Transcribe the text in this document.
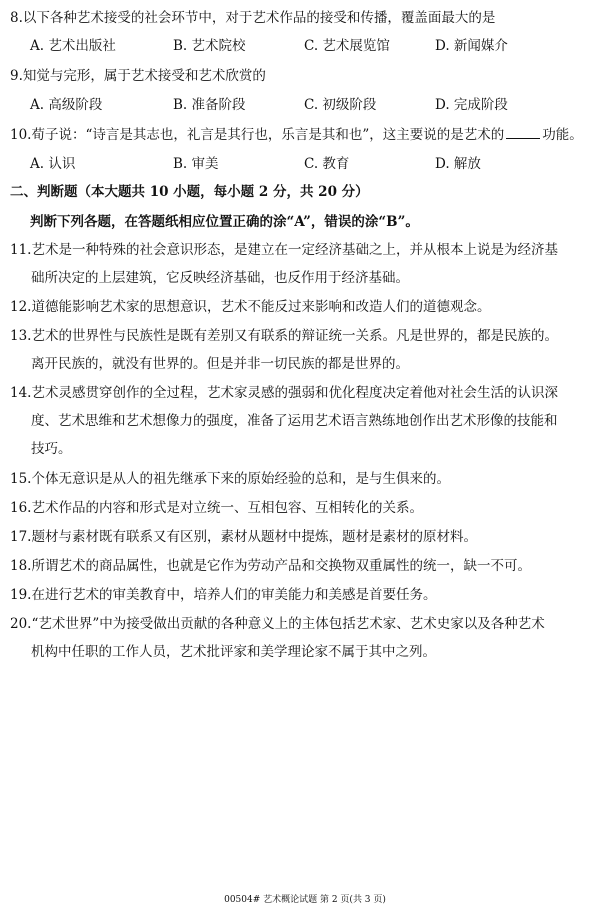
8.以下各种艺术接受的社会环节中，对于艺术作品的接受和传播，覆盖面最大的是
A. 艺术出版社	B. 艺术院校	C. 艺术展览馆	D. 新闻媒介
9.知觉与完形，属于艺术接受和艺术欣赏的
A. 高级阶段	B. 准备阶段	C. 初级阶段	D. 完成阶段
10.荀子说：“诗言是其志也，礼言是其行也，乐言是其和也”，这主要说的是艺术的	功能。
A. 认识	B. 审美	C. 教育	D. 解放
二、判断题（本大题共 10 小题，每小题 2 分，共 20 分）
判断下列各题，在答题纸相应位置正确的涂“A”，错误的涂“B”。
11.艺术是一种特殊的社会意识形态，是建立在一定经济基础之上，并从根本上说是为经济基
础所决定的上层建筑，它反映经济基础，也反作用于经济基础。
12.道德能影响艺术家的思想意识，艺术不能反过来影响和改造人们的道德观念。
13.艺术的世界性与民族性是既有差别又有联系的辩证统一关系。凡是世界的，都是民族的。
离开民族的，就没有世界的。但是并非一切民族的都是世界的。
14.艺术灵感贯穿创作的全过程，艺术家灵感的强弱和优化程度决定着他对社会生活的认识深
度、艺术思维和艺术想像力的强度，准备了运用艺术语言熟练地创作出艺术形像的技能和
技巧。
15.个体无意识是从人的祖先继承下来的原始经验的总和，是与生俱来的。
16.艺术作品的内容和形式是对立统一、互相包容、互相转化的关系。
17.题材与素材既有联系又有区别，素材从题材中提炼，题材是素材的原材料。
18.所谓艺术的商品属性，也就是它作为劳动产品和交换物双重属性的统一，缺一不可。
19.在进行艺术的审美教育中，培养人们的审美能力和美感是首要任务。
20.“艺术世界”中为接受做出贡献的各种意义上的主体包括艺术家、艺术史家以及各种艺术
机构中任职的工作人员，艺术批评家和美学理论家不属于其中之列。
00504# 艺术概论试题 第 2 页(共 3 页)
